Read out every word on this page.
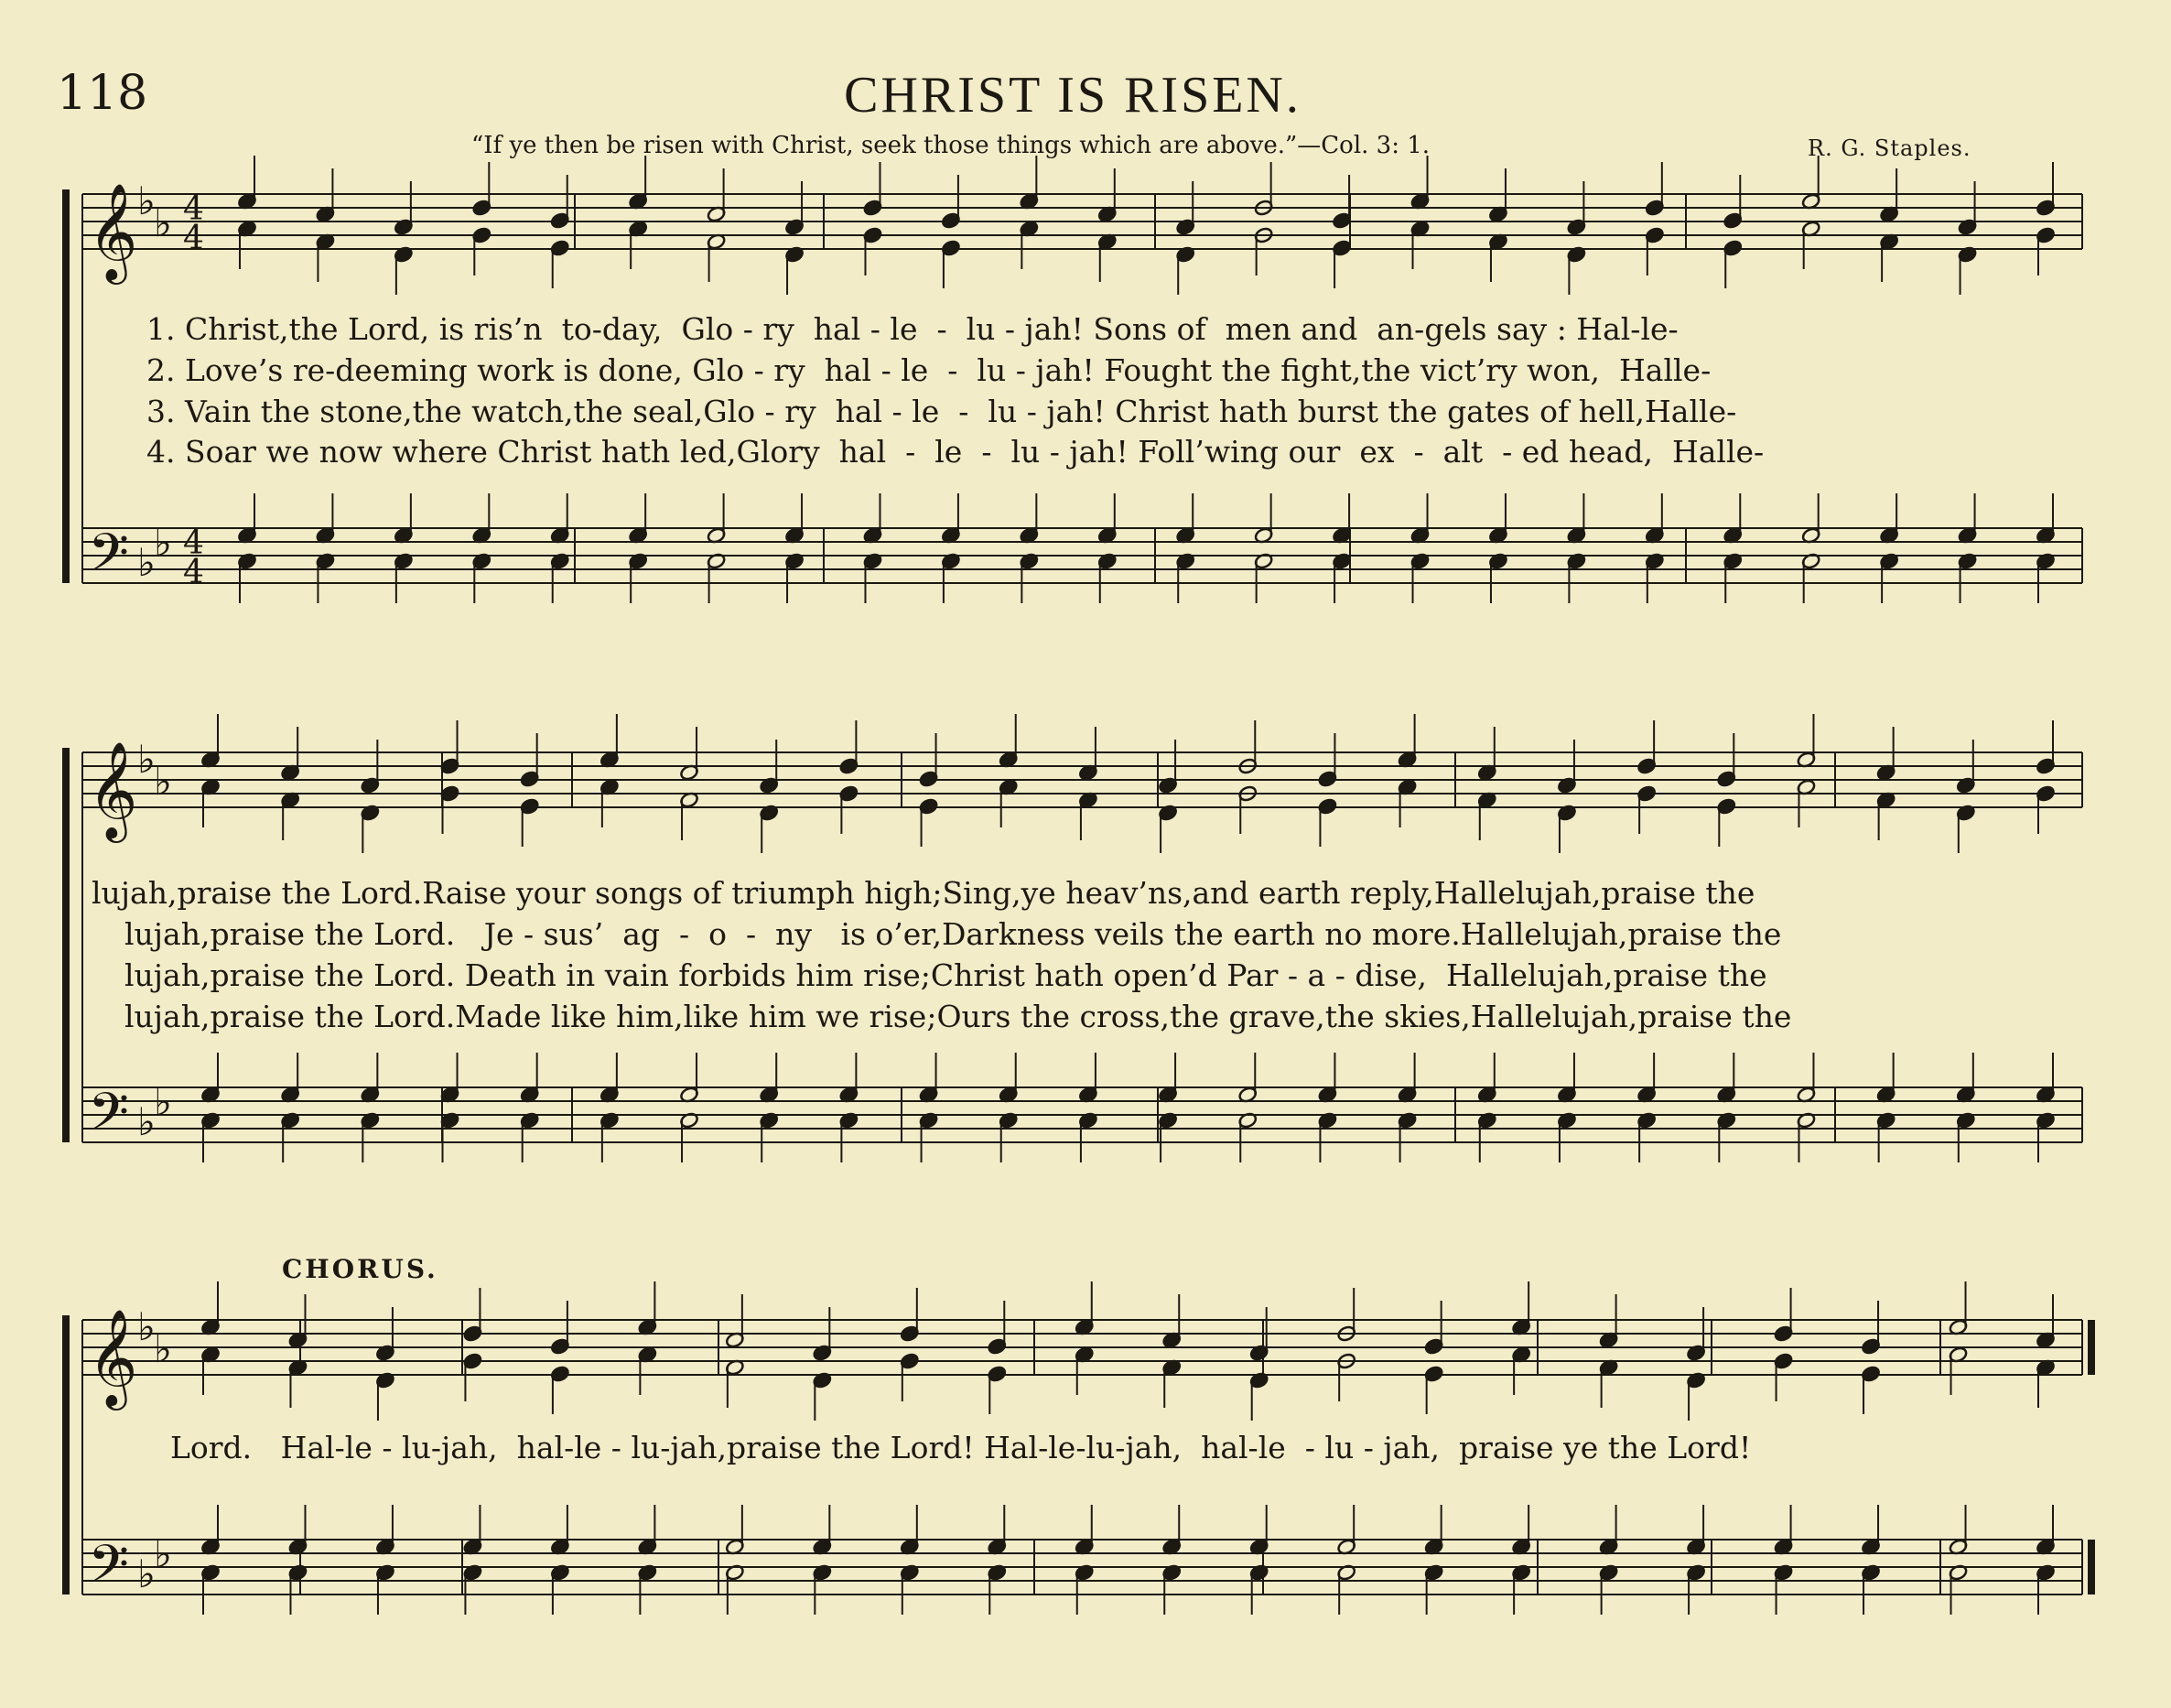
118	CHRIST IS RISEN.
“If ye then be risen with Christ, seek those things which are above.”—Col. 3: 1.	R. G. Staples.
𝄞
𝄢
♭
♭
♭
♭
4
4
4
4
𝄞
𝄢
♭
♭
♭
♭
𝄞
𝄢
♭
♭
♭
♭
1. Christ,the Lord, is ris’n  to-day,  Glo - ry  hal - le  -  lu - jah! Sons of  men and  an-gels say : Hal-le-
2. Love’s re-deeming work is done, Glo - ry  hal - le  -  lu - jah! Fought the fight,the vict’ry won,  Halle-
3. Vain the stone,the watch,the seal,Glo - ry  hal - le  -  lu - jah! Christ hath burst the gates of hell,Halle-
4. Soar we now where Christ hath led,Glory  hal  -  le  -  lu - jah! Foll’wing our  ex  -  alt  - ed head,  Halle-
lujah,praise the Lord.Raise your songs of triumph high;Sing,ye heav’ns,and earth reply,Hallelujah,praise the
lujah,praise the Lord.   Je - sus’  ag  -  o  -  ny   is o’er,Darkness veils the earth no more.Hallelujah,praise the
lujah,praise the Lord. Death in vain forbids him rise;Christ hath open’d Par - a - dise,  Hallelujah,praise the
lujah,praise the Lord.Made like him,like him we rise;Ours the cross,the grave,the skies,Hallelujah,praise the
CHORUS.
Lord.   Hal-le - lu-jah,  hal-le - lu-jah,praise the Lord! Hal-le-lu-jah,  hal-le  - lu - jah,  praise ye the Lord!
